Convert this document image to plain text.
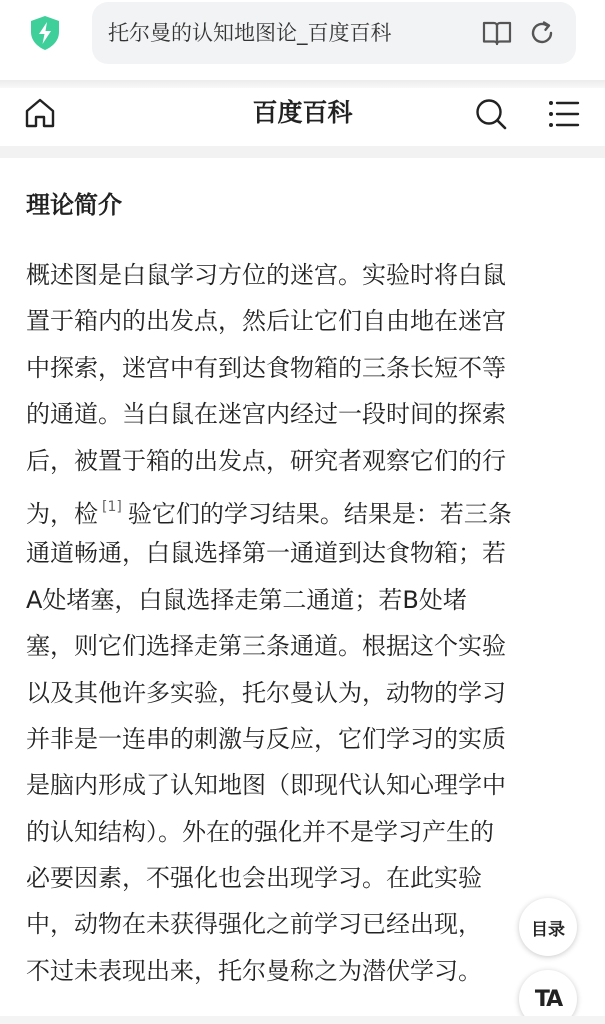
托尔曼的认知地图论_百度百科
百度百科
理论简介
概述图是白鼠学习方位的迷宫。实验时将白鼠
置于箱内的出发点，然后让它们自由地在迷宫
中探索，迷宫中有到达食物箱的三条长短不等
的通道。当白鼠在迷宫内经过一段时间的探索
后，被置于箱的出发点，研究者观察它们的行
为，检 [1] 验它们的学习结果。结果是：若三条
通道畅通，白鼠选择第一通道到达食物箱；若
A处堵塞，白鼠选择走第二通道；若B处堵
塞，则它们选择走第三条通道。根据这个实验
以及其他许多实验，托尔曼认为，动物的学习
并非是一连串的刺激与反应，它们学习的实质
是脑内形成了认知地图（即现代认知心理学中
的认知结构）。外在的强化并不是学习产生的
必要因素，不强化也会出现学习。在此实验
中，动物在未获得强化之前学习已经出现，
不过未表现出来，托尔曼称之为潜伏学习。
目录
TA
